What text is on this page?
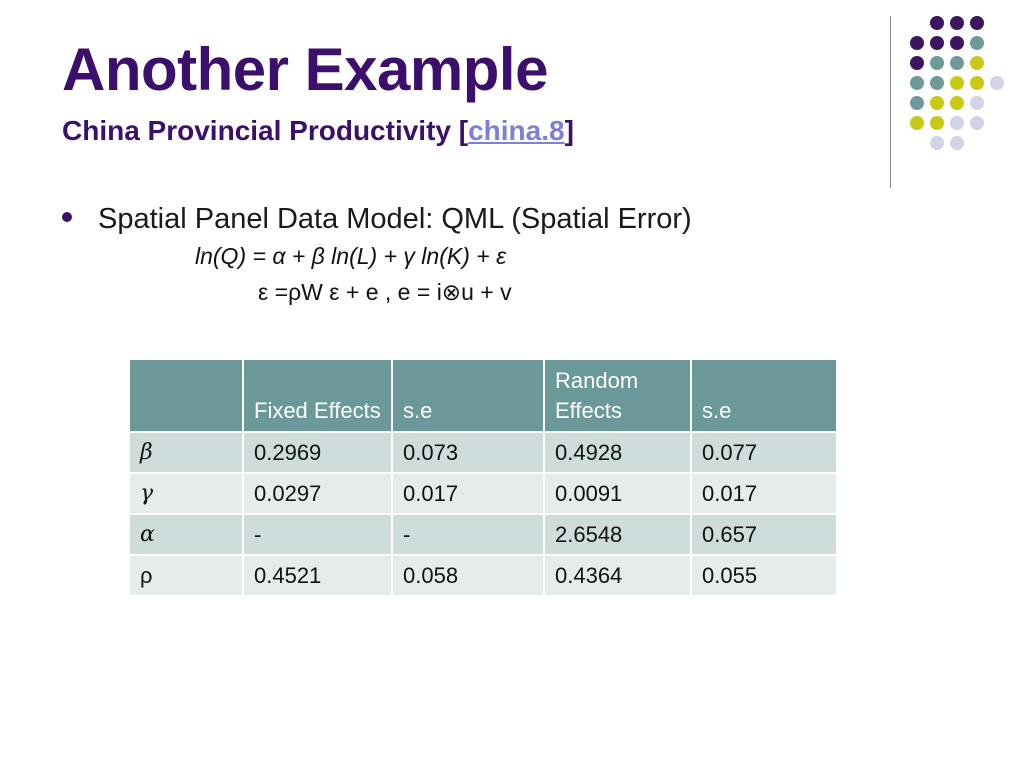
Another Example
China Provincial Productivity [china.8]
Spatial Panel Data Model: QML (Spatial Error)
ln(Q) = α + β ln(L) + γ ln(K) + ε
ε =ρW ε + e , e = i⊗u + v
	Fixed Effects	s.e	Random Effects	s.e
β	0.2969	0.073	0.4928	0.077
γ	0.0297	0.017	0.0091	0.017
α	-	-	2.6548	0.657
ρ	0.4521	0.058	0.4364	0.055
